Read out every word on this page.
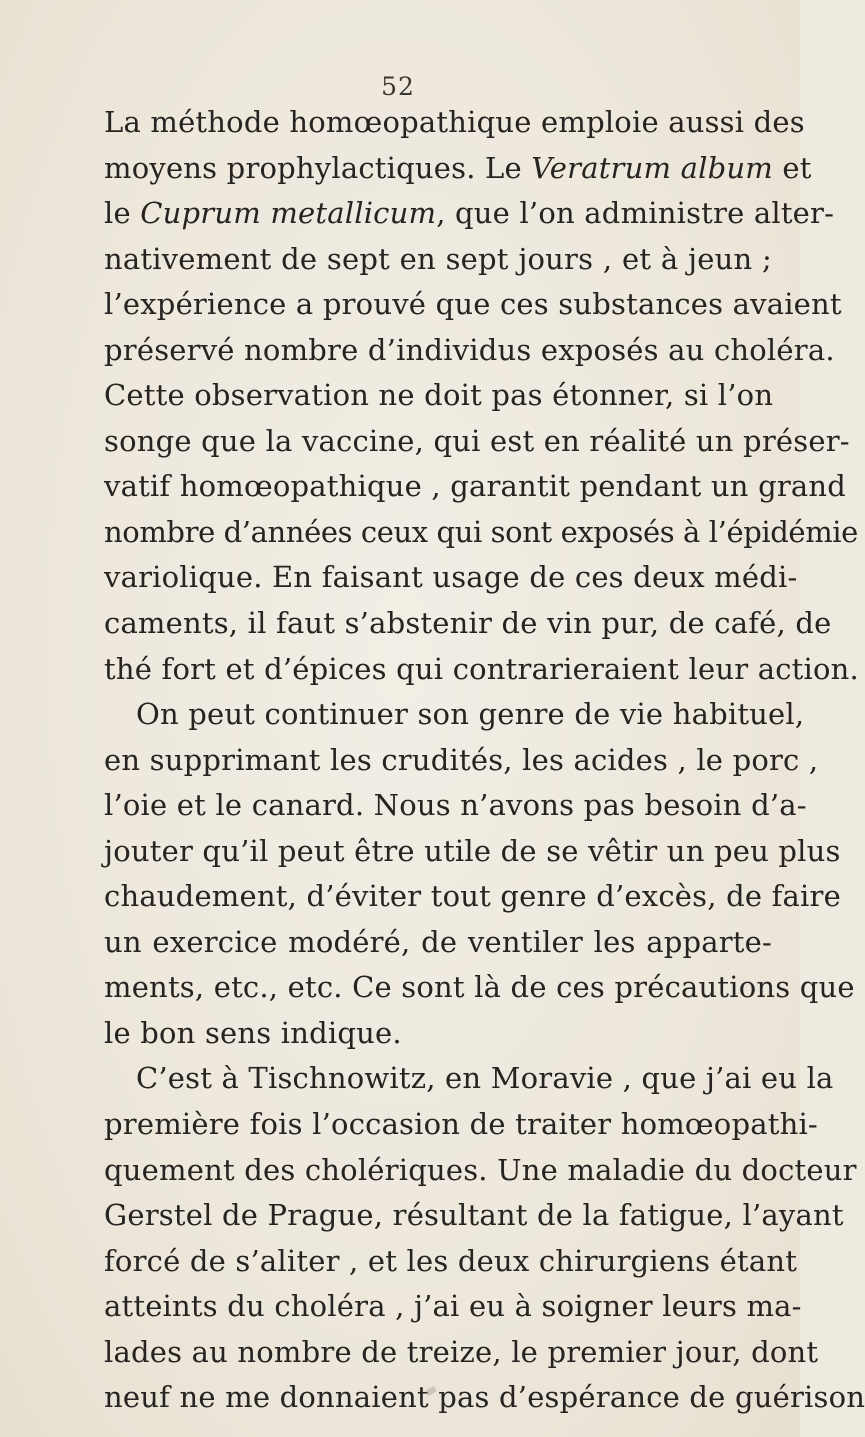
52
La méthode homœopathique emploie aussi des
moyens prophylactiques. Le Veratrum album et
le Cuprum metallicum, que l’on administre alter-
nativement de sept en sept jours , et à jeun ;
l’expérience a prouvé que ces substances avaient
préservé nombre d’individus exposés au choléra.
Cette observation ne doit pas étonner, si l’on
songe que la vaccine, qui est en réalité un préser-
vatif homœopathique , garantit pendant un grand
nombre d’années ceux qui sont exposés à l’épidémie
variolique. En faisant usage de ces deux médi-
caments, il faut s’abstenir de vin pur, de café, de
thé fort et d’épices qui contrarieraient leur action.
On peut continuer son genre de vie habituel,
en supprimant les crudités, les acides , le porc ,
l’oie et le canard. Nous n’avons pas besoin d’a-
jouter qu’il peut être utile de se vêtir un peu plus
chaudement, d’éviter tout genre d’excès, de faire
un exercice modéré, de ventiler les apparte-
ments, etc., etc. Ce sont là de ces précautions que
le bon sens indique.
C’est à Tischnowitz, en Moravie , que j’ai eu la
première fois l’occasion de traiter homœopathi-
quement des cholériques. Une maladie du docteur
Gerstel de Prague, résultant de la fatigue, l’ayant
forcé de s’aliter , et les deux chirurgiens étant
atteints du choléra , j’ai eu à soigner leurs ma-
lades au nombre de treize, le premier jour, dont
neuf ne me donnaient pas d’espérance de guérison
